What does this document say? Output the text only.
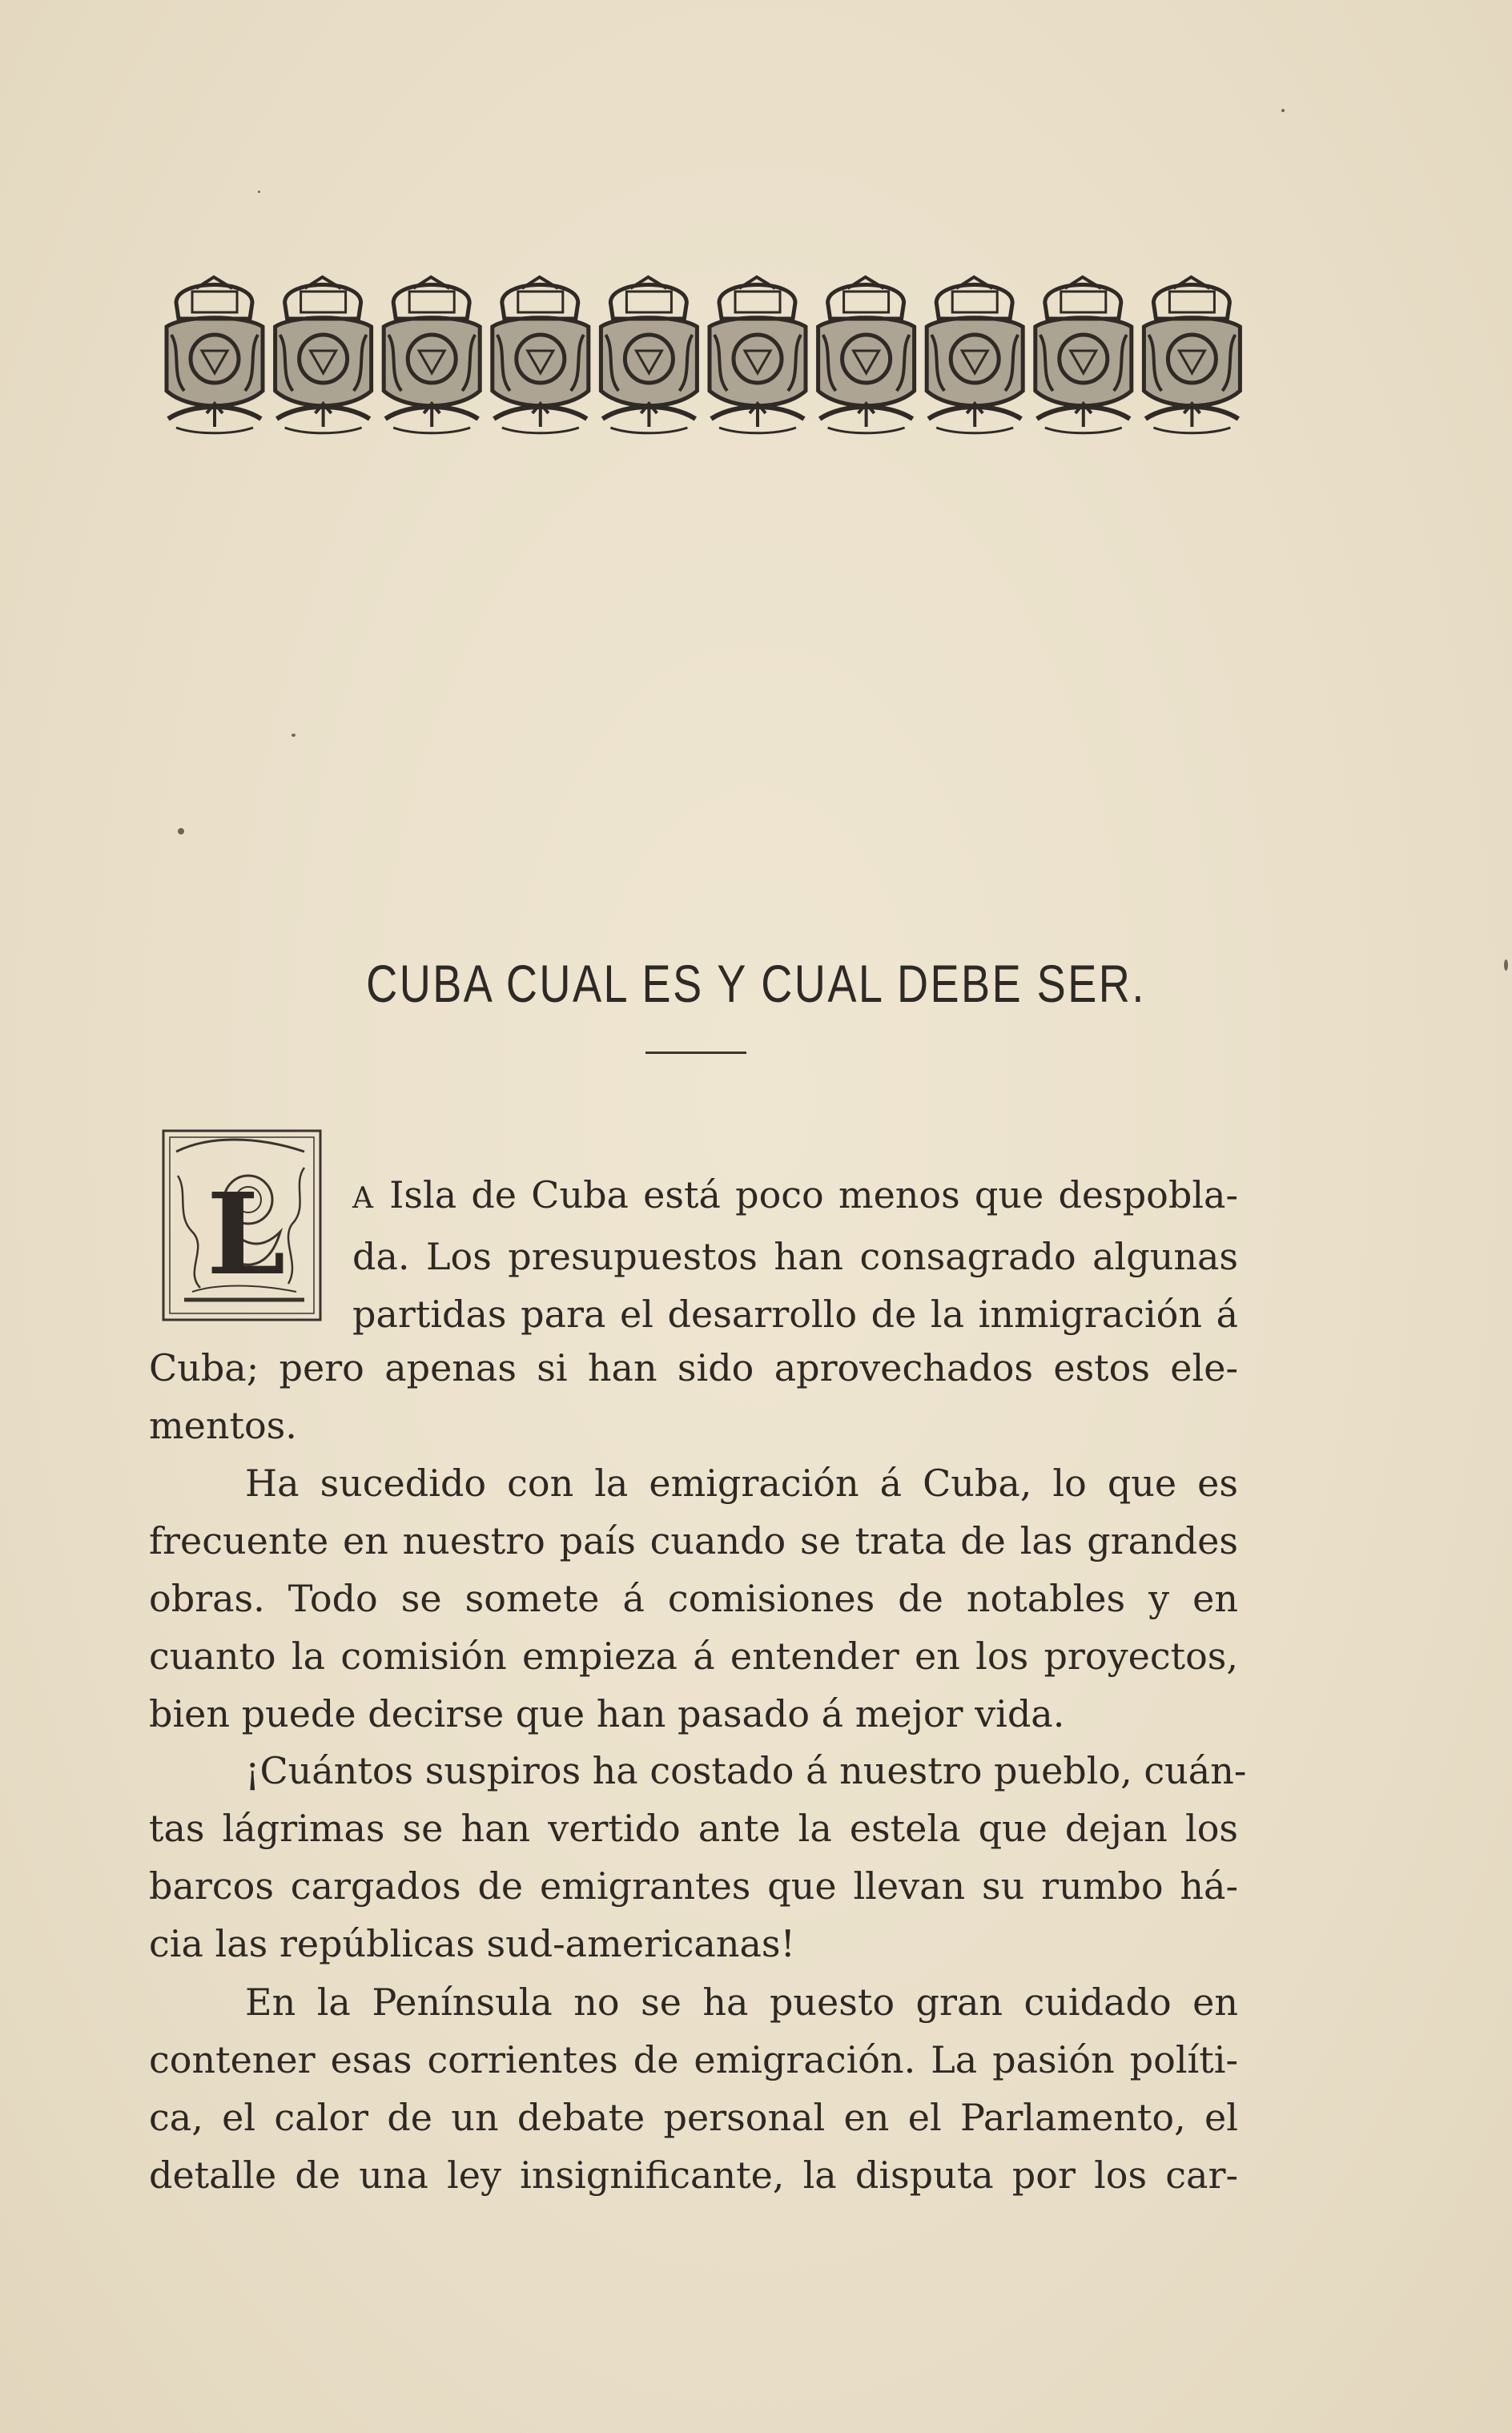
CUBA CUAL ES Y CUAL DEBE SER.
L A Isla de Cuba está poco menos que despobla-
da. Los presupuestos han consagrado algunas
partidas para el desarrollo de la inmigración á
Cuba; pero apenas si han sido aprovechados estos ele-
mentos.
Ha sucedido con la emigración á Cuba, lo que es
frecuente en nuestro país cuando se trata de las grandes
obras. Todo se somete á comisiones de notables y en
cuanto la comisión empieza á entender en los proyectos,
bien puede decirse que han pasado á mejor vida.
¡Cuántos suspiros ha costado á nuestro pueblo, cuán-
tas lágrimas se han vertido ante la estela que dejan los
barcos cargados de emigrantes que llevan su rumbo há-
cia las repúblicas sud-americanas!
En la Península no se ha puesto gran cuidado en
contener esas corrientes de emigración. La pasión políti-
ca, el calor de un debate personal en el Parlamento, el
detalle de una ley insignificante, la disputa por los car-
